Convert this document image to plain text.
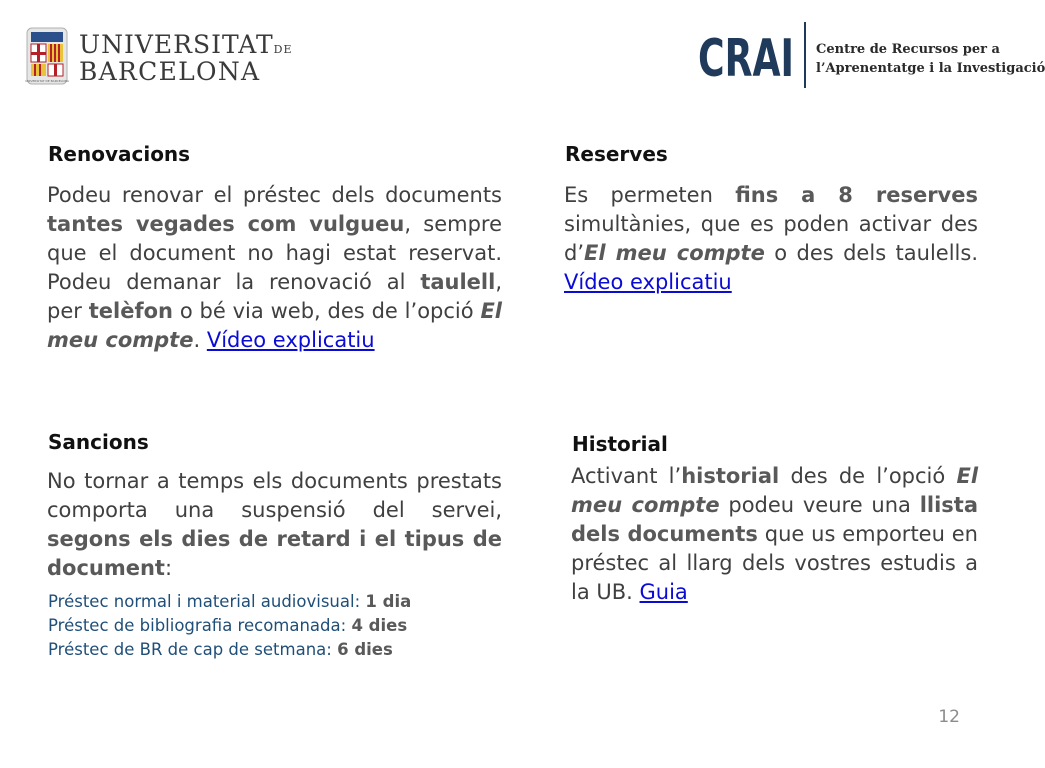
UNIVERSITAT DE BARCELONA
UNIVERSITATDE
BARCELONA	CRAI Centre de Recursos per a
l’Aprenentatge i la Investigació
Renovacions
Podeu renovar el préstec dels documents tantes vegades com vulgueu, sempre que el document no hagi estat reservat. Podeu demanar la renovació al taulell, per telèfon o bé via web, des de l’opció El meu compte. Vídeo explicatiu
Reserves
Es permeten fins a 8 reserves simultànies, que es poden activar des d’El meu compte o des dels taulells. Vídeo explicatiu
Sancions
No tornar a temps els documents prestats comporta una suspensió del servei, segons els dies de retard i el tipus de document:
Préstec normal i material audiovisual: 1 dia
Préstec de bibliografia recomanada: 4 dies
Préstec de BR de cap de setmana: 6 dies
Historial
Activant l’historial des de l’opció El meu compte podeu veure una llista dels documents que us emporteu en préstec al llarg dels vostres estudis a la UB. Guia
12
